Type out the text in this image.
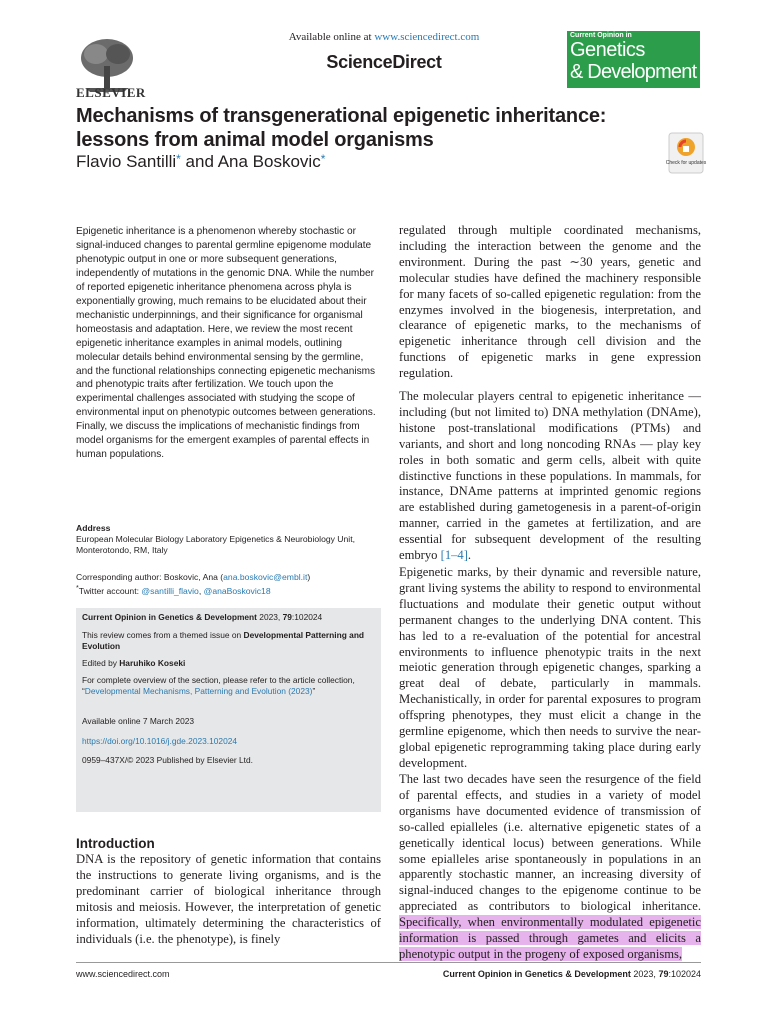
ELSEVIER
Available online at www.sciencedirect.com
ScienceDirect
Current Opinion in
Genetics
& Development
Mechanisms of transgenerational epigenetic inheritance:
lessons from animal model organisms
Flavio Santilli* and Ana Boskovic*	Check for updates
Epigenetic inheritance is a phenomenon whereby stochastic or signal-induced changes to parental germline epigenome modulate phenotypic output in one or more subsequent generations, independently of mutations in the genomic DNA. While the number of reported epigenetic inheritance phenomena across phyla is exponentially growing, much remains to be elucidated about their mechanistic underpinnings, and their significance for organismal homeostasis and adaptation. Here, we review the most recent epigenetic inheritance examples in animal models, outlining molecular details behind environmental sensing by the germline, and the functional relationships connecting epigenetic mechanisms and phenotypic traits after fertilization. We touch upon the experimental challenges associated with studying the scope of environmental input on phenotypic outcomes between generations. Finally, we discuss the implications of mechanistic findings from model organisms for the emergent examples of parental effects in human populations.
Address
European Molecular Biology Laboratory Epigenetics & Neurobiology Unit, Monterotondo, RM, Italy
Corresponding author: Boskovic, Ana (ana.boskovic@embl.it)
*Twitter account: @santilli_flavio, @anaBoskovic18
Current Opinion in Genetics & Development 2023, 79:102024
This review comes from a themed issue on Developmental Patterning and Evolution
Edited by Haruhiko Koseki
For complete overview of the section, please refer to the article collection, “Developmental Mechanisms, Patterning and Evolution (2023)”
Available online 7 March 2023
https://doi.org/10.1016/j.gde.2023.102024
0959–437X/© 2023 Published by Elsevier Ltd.
Introduction
DNA is the repository of genetic information that contains the instructions to generate living organisms, and is the predominant carrier of biological inheritance through mitosis and meiosis. However, the interpretation of genetic information, ultimately determining the characteristics of individuals (i.e. the phenotype), is finely
regulated through multiple coordinated mechanisms, including the interaction between the genome and the environment. During the past ∼30 years, genetic and molecular studies have defined the machinery responsible for many facets of so-called epigenetic regulation: from the enzymes involved in the biogenesis, interpretation, and clearance of epigenetic marks, to the mechanisms of epigenetic inheritance through cell division and the functions of epigenetic marks in gene expression regulation.
The molecular players central to epigenetic inheritance — including (but not limited to) DNA methylation (DNAme), histone post-translational modifications (PTMs) and variants, and short and long noncoding RNAs — play key roles in both somatic and germ cells, albeit with quite distinctive functions in these populations. In mammals, for instance, DNAme patterns at imprinted genomic regions are established during gametogenesis in a parent-of-origin manner, carried in the gametes at fertilization, and are essential for subsequent development of the resulting embryo [1–4].
Epigenetic marks, by their dynamic and reversible nature, grant living systems the ability to respond to environmental fluctuations and modulate their genetic output without permanent changes to the underlying DNA content. This has led to a re-evaluation of the potential for ancestral environments to influence phenotypic traits in the next meiotic generation through epigenetic changes, sparking a great deal of debate, particularly in mammals. Mechanistically, in order for parental exposures to program offspring phenotypes, they must elicit a change in the germline epigenome, which then needs to survive the near-global epigenetic reprogramming taking place during early development.
The last two decades have seen the resurgence of the field of parental effects, and studies in a variety of model organisms have documented evidence of transmission of so-called epialleles (i.e. alternative epigenetic states of a genetically identical locus) between generations. While some epialleles arise spontaneously in populations in an apparently stochastic manner, an increasing diversity of signal-induced changes to the epigenome continue to be appreciated as contributors to biological inheritance. Specifically, when environmentally modulated epigenetic information is passed through gametes and elicits a phenotypic output in the progeny of exposed organisms,
www.sciencedirect.com	Current Opinion in Genetics & Development 2023, 79:102024
